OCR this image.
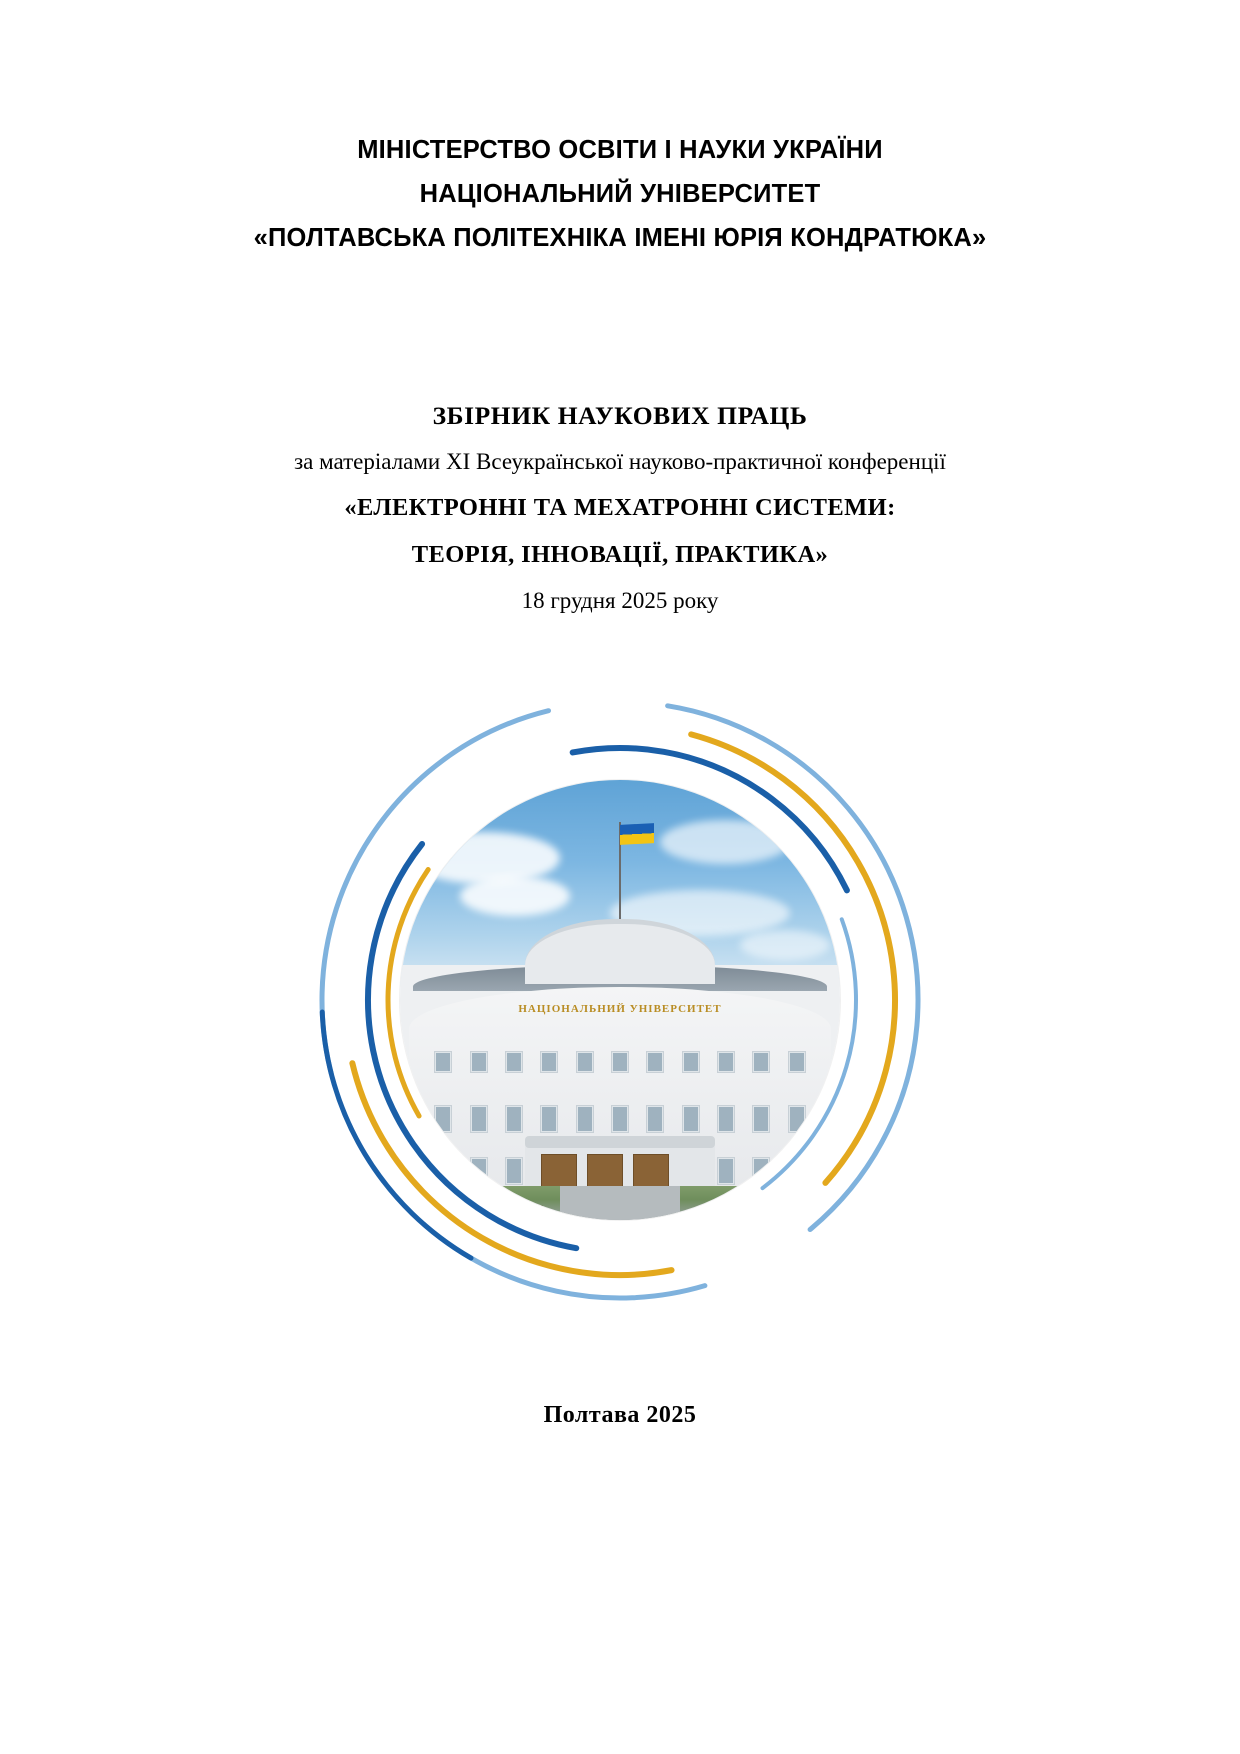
МІНІСТЕРСТВО ОСВІТИ І НАУКИ УКРАЇНИ
НАЦІОНАЛЬНИЙ УНІВЕРСИТЕТ
«ПОЛТАВСЬКА ПОЛІТЕХНІКА ІМЕНІ ЮРІЯ КОНДРАТЮКА»
ЗБІРНИК НАУКОВИХ ПРАЦЬ
за матеріалами XI Всеукраїнської науково-практичної конференції
«ЕЛЕКТРОННІ ТА МЕХАТРОННІ СИСТЕМИ:
ТЕОРІЯ, ІННОВАЦІЇ, ПРАКТИКА»
18 грудня 2025 року
НАЦІОНАЛЬНИЙ УНІВЕРСИТЕТ
Полтава 2025
